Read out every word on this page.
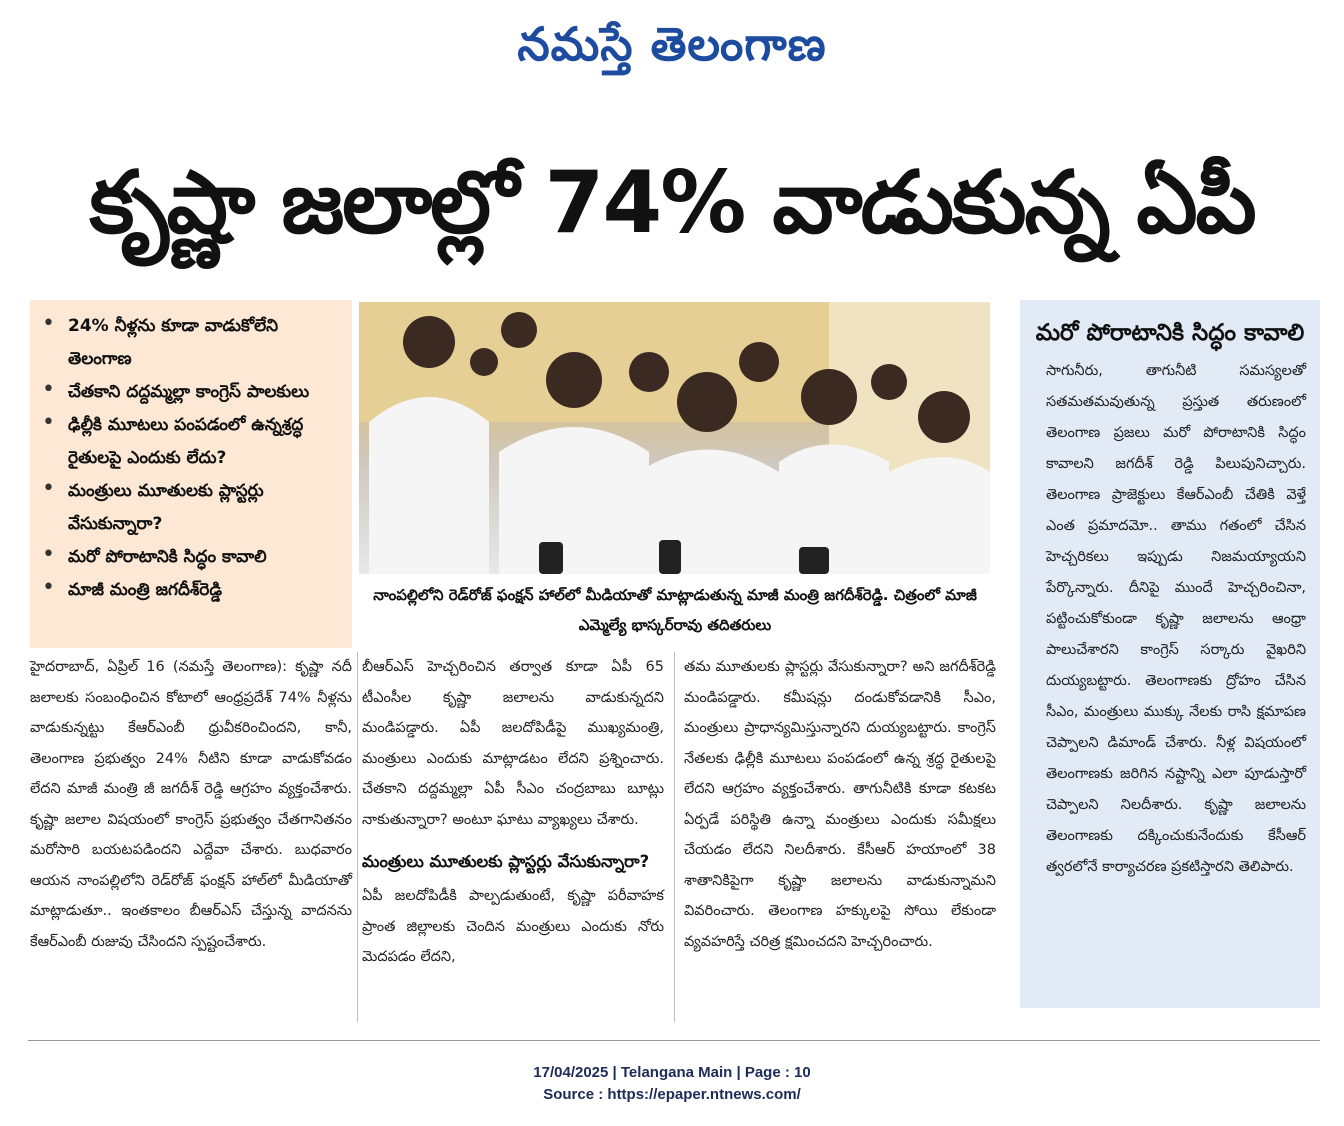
నమస్తే తెలంగాణ
కృష్ణా జలాల్లో 74% వాడుకున్న ఏపీ
• 24% నీళ్లను కూడా వాడుకోలేని తెలంగాణ
• చేతకాని దద్దమ్మల్లా కాంగ్రెస్ పాలకులు
• ఢిల్లీకి మూటలు పంపడంలో ఉన్నశ్రద్ధ రైతులపై ఎందుకు లేదు?
• మంత్రులు మూతులకు ప్లాస్టర్లు వేసుకున్నారా?
• మరో పోరాటానికి సిద్ధం కావాలి
• మాజీ మంత్రి జగదీశ్‌రెడ్డి	నాంపల్లిలోని రెడ్‌రోజ్ ఫంక్షన్ హాల్‌లో మీడియాతో మాట్లాడుతున్న మాజీ మంత్రి జగదీశ్‌రెడ్డి. చిత్రంలో మాజీ ఎమ్మెల్యే భాస్కర్‌రావు తదితరులు
హైదరాబాద్, ఏప్రిల్ 16 (నమస్తే తెలంగాణ): కృష్ణా నదీ జలాలకు సంబంధించిన కోటాలో ఆంధ్రప్రదేశ్ 74% నీళ్లను వాడుకున్నట్టు కేఆర్‌ఎంబీ ధ్రువీకరించిందని, కానీ, తెలంగాణ ప్రభుత్వం 24% నీటిని కూడా వాడుకోవడం లేదని మాజీ మంత్రి జీ జగదీశ్ రెడ్డి ఆగ్రహం వ్యక్తంచేశారు. కృష్ణా జలాల విషయంలో కాంగ్రెస్ ప్రభుత్వం చేతగానితనం మరోసారి బయటపడిందని ఎద్దేవా చేశారు. బుధవారం ఆయన నాంపల్లిలోని రెడ్‌రోజ్ ఫంక్షన్ హాల్‌లో మీడియాతో మాట్లాడుతూ.. ఇంతకాలం బీఆర్‌ఎస్ చేస్తున్న వాదనను కేఆర్‌ఎంబీ రుజువు చేసిందని స్పష్టంచేశారు.
బీఆర్‌ఎస్ హెచ్చరించిన తర్వాత కూడా ఏపీ 65 టీఎంసీల కృష్ణా జలాలను వాడుకున్నదని మండిపడ్డారు. ఏపీ జలదోపిడీపై ముఖ్యమంత్రి, మంత్రులు ఎందుకు మాట్లాడటం లేదని ప్రశ్నించారు. చేతకాని దద్దమ్మల్లా ఏపీ సీఎం చంద్రబాబు బూట్లు నాకుతున్నారా? అంటూ ఘాటు వ్యాఖ్యలు చేశారు.
మంత్రులు మూతులకు ప్లాస్టర్లు వేసుకున్నారా?
ఏపీ జలదోపిడీకి పాల్పడుతుంటే, కృష్ణా పరీవాహక ప్రాంత జిల్లాలకు చెందిన మంత్రులు ఎందుకు నోరు మెదపడం లేదని,
తమ మూతులకు ప్లాస్టర్లు వేసుకున్నారా? అని జగదీశ్‌రెడ్డి మండిపడ్డారు. కమీషన్లు దండుకోవడానికి సీఎం, మంత్రులు ప్రాధాన్యమిస్తున్నారని దుయ్యబట్టారు. కాంగ్రెస్ నేతలకు ఢిల్లీకి మూటలు పంపడంలో ఉన్న శ్రద్ధ రైతులపై లేదని ఆగ్రహం వ్యక్తంచేశారు. తాగునీటికి కూడా కటకట ఏర్పడే పరిస్థితి ఉన్నా మంత్రులు ఎందుకు సమీక్షలు చేయడం లేదని నిలదీశారు. కేసీఆర్ హయాంలో 38 శాతానికిపైగా కృష్ణా జలాలను వాడుకున్నామని వివరించారు. తెలంగాణ హక్కులపై సోయి లేకుండా వ్యవహరిస్తే చరిత్ర క్షమించదని హెచ్చరించారు.
మరో పోరాటానికి సిద్ధం కావాలి
సాగునీరు, తాగునీటి సమస్యలతో సతమతమవుతున్న ప్రస్తుత తరుణంలో తెలంగాణ ప్రజలు మరో పోరాటానికి సిద్ధం కావాలని జగదీశ్ రెడ్డి పిలుపునిచ్చారు. తెలంగాణ ప్రాజెక్టులు కేఆర్‌ఎంబీ చేతికి వెళ్తే ఎంత ప్రమాదమో.. తాము గతంలో చేసిన హెచ్చరికలు ఇప్పుడు నిజమయ్యాయని పేర్కొన్నారు. దీనిపై ముందే హెచ్చరించినా, పట్టించుకోకుండా కృష్ణా జలాలను ఆంధ్రా పాలుచేశారని కాంగ్రెస్ సర్కారు వైఖరిని దుయ్యబట్టారు. తెలంగాణకు ద్రోహం చేసిన సీఎం, మంత్రులు ముక్కు నేలకు రాసి క్షమాపణ చెప్పాలని డిమాండ్ చేశారు. నీళ్ల విషయంలో తెలంగాణకు జరిగిన నష్టాన్ని ఎలా పూడుస్తారో చెప్పాలని నిలదీశారు. కృష్ణా జలాలను తెలంగాణకు దక్కించుకునేందుకు కేసీఆర్ త్వరలోనే కార్యాచరణ ప్రకటిస్తారని తెలిపారు.
17/04/2025 | Telangana Main | Page : 10
Source : https://epaper.ntnews.com/
